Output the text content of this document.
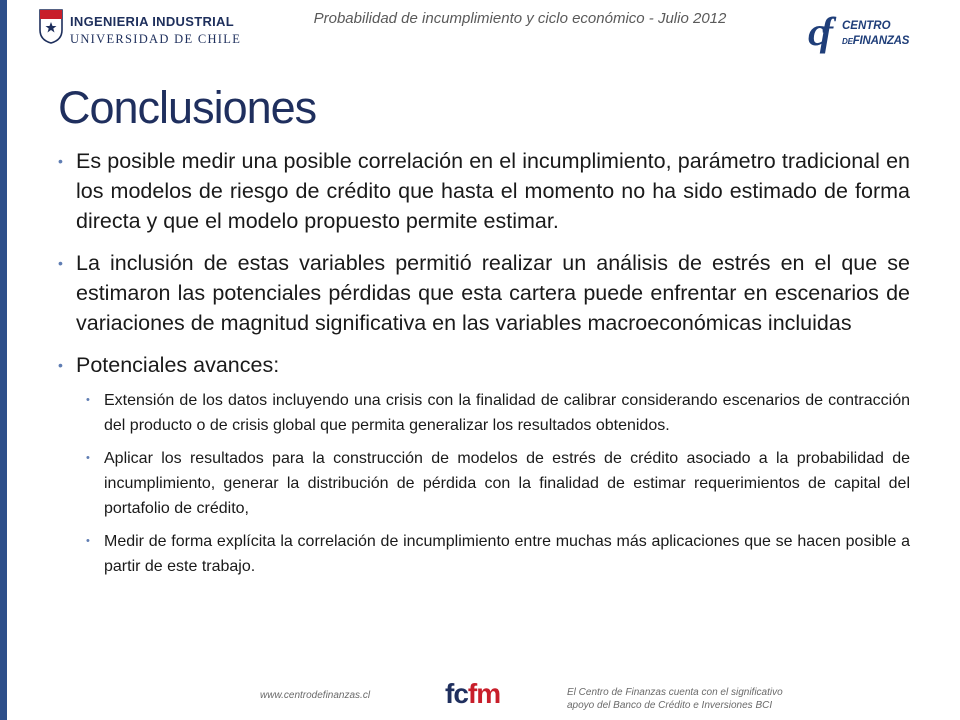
INGENIERIA INDUSTRIAL
UNIVERSIDAD DE CHILE
Probabilidad de incumplimiento y ciclo económico - Julio 2012	cf CENTRO
DEFINANZAS
Conclusiones
• Es posible medir una posible correlación en el incumplimiento, parámetro tradicional en los modelos de riesgo de crédito que hasta el momento no ha sido estimado de forma directa y que el modelo propuesto permite estimar.
• La inclusión de estas variables permitió realizar un análisis de estrés en el que se estimaron las potenciales pérdidas que esta cartera puede enfrentar en escenarios de variaciones de magnitud significativa en las variables macroeconómicas incluidas
• Potenciales avances:
• Extensión de los datos incluyendo una crisis con la finalidad de calibrar considerando escenarios de contracción del producto o de crisis global que permita generalizar los resultados obtenidos.
• Aplicar los resultados para la construcción de modelos de estrés de crédito asociado a la probabilidad de incumplimiento, generar la distribución de pérdida con la finalidad de estimar requerimientos de capital del portafolio de crédito,
• Medir de forma explícita la correlación de incumplimiento entre muchas más aplicaciones que se hacen posible a partir de este trabajo.
www.centrodefinanzas.cl	fcfm	El Centro de Finanzas cuenta con el significativo
apoyo del Banco de Crédito e Inversiones BCI
